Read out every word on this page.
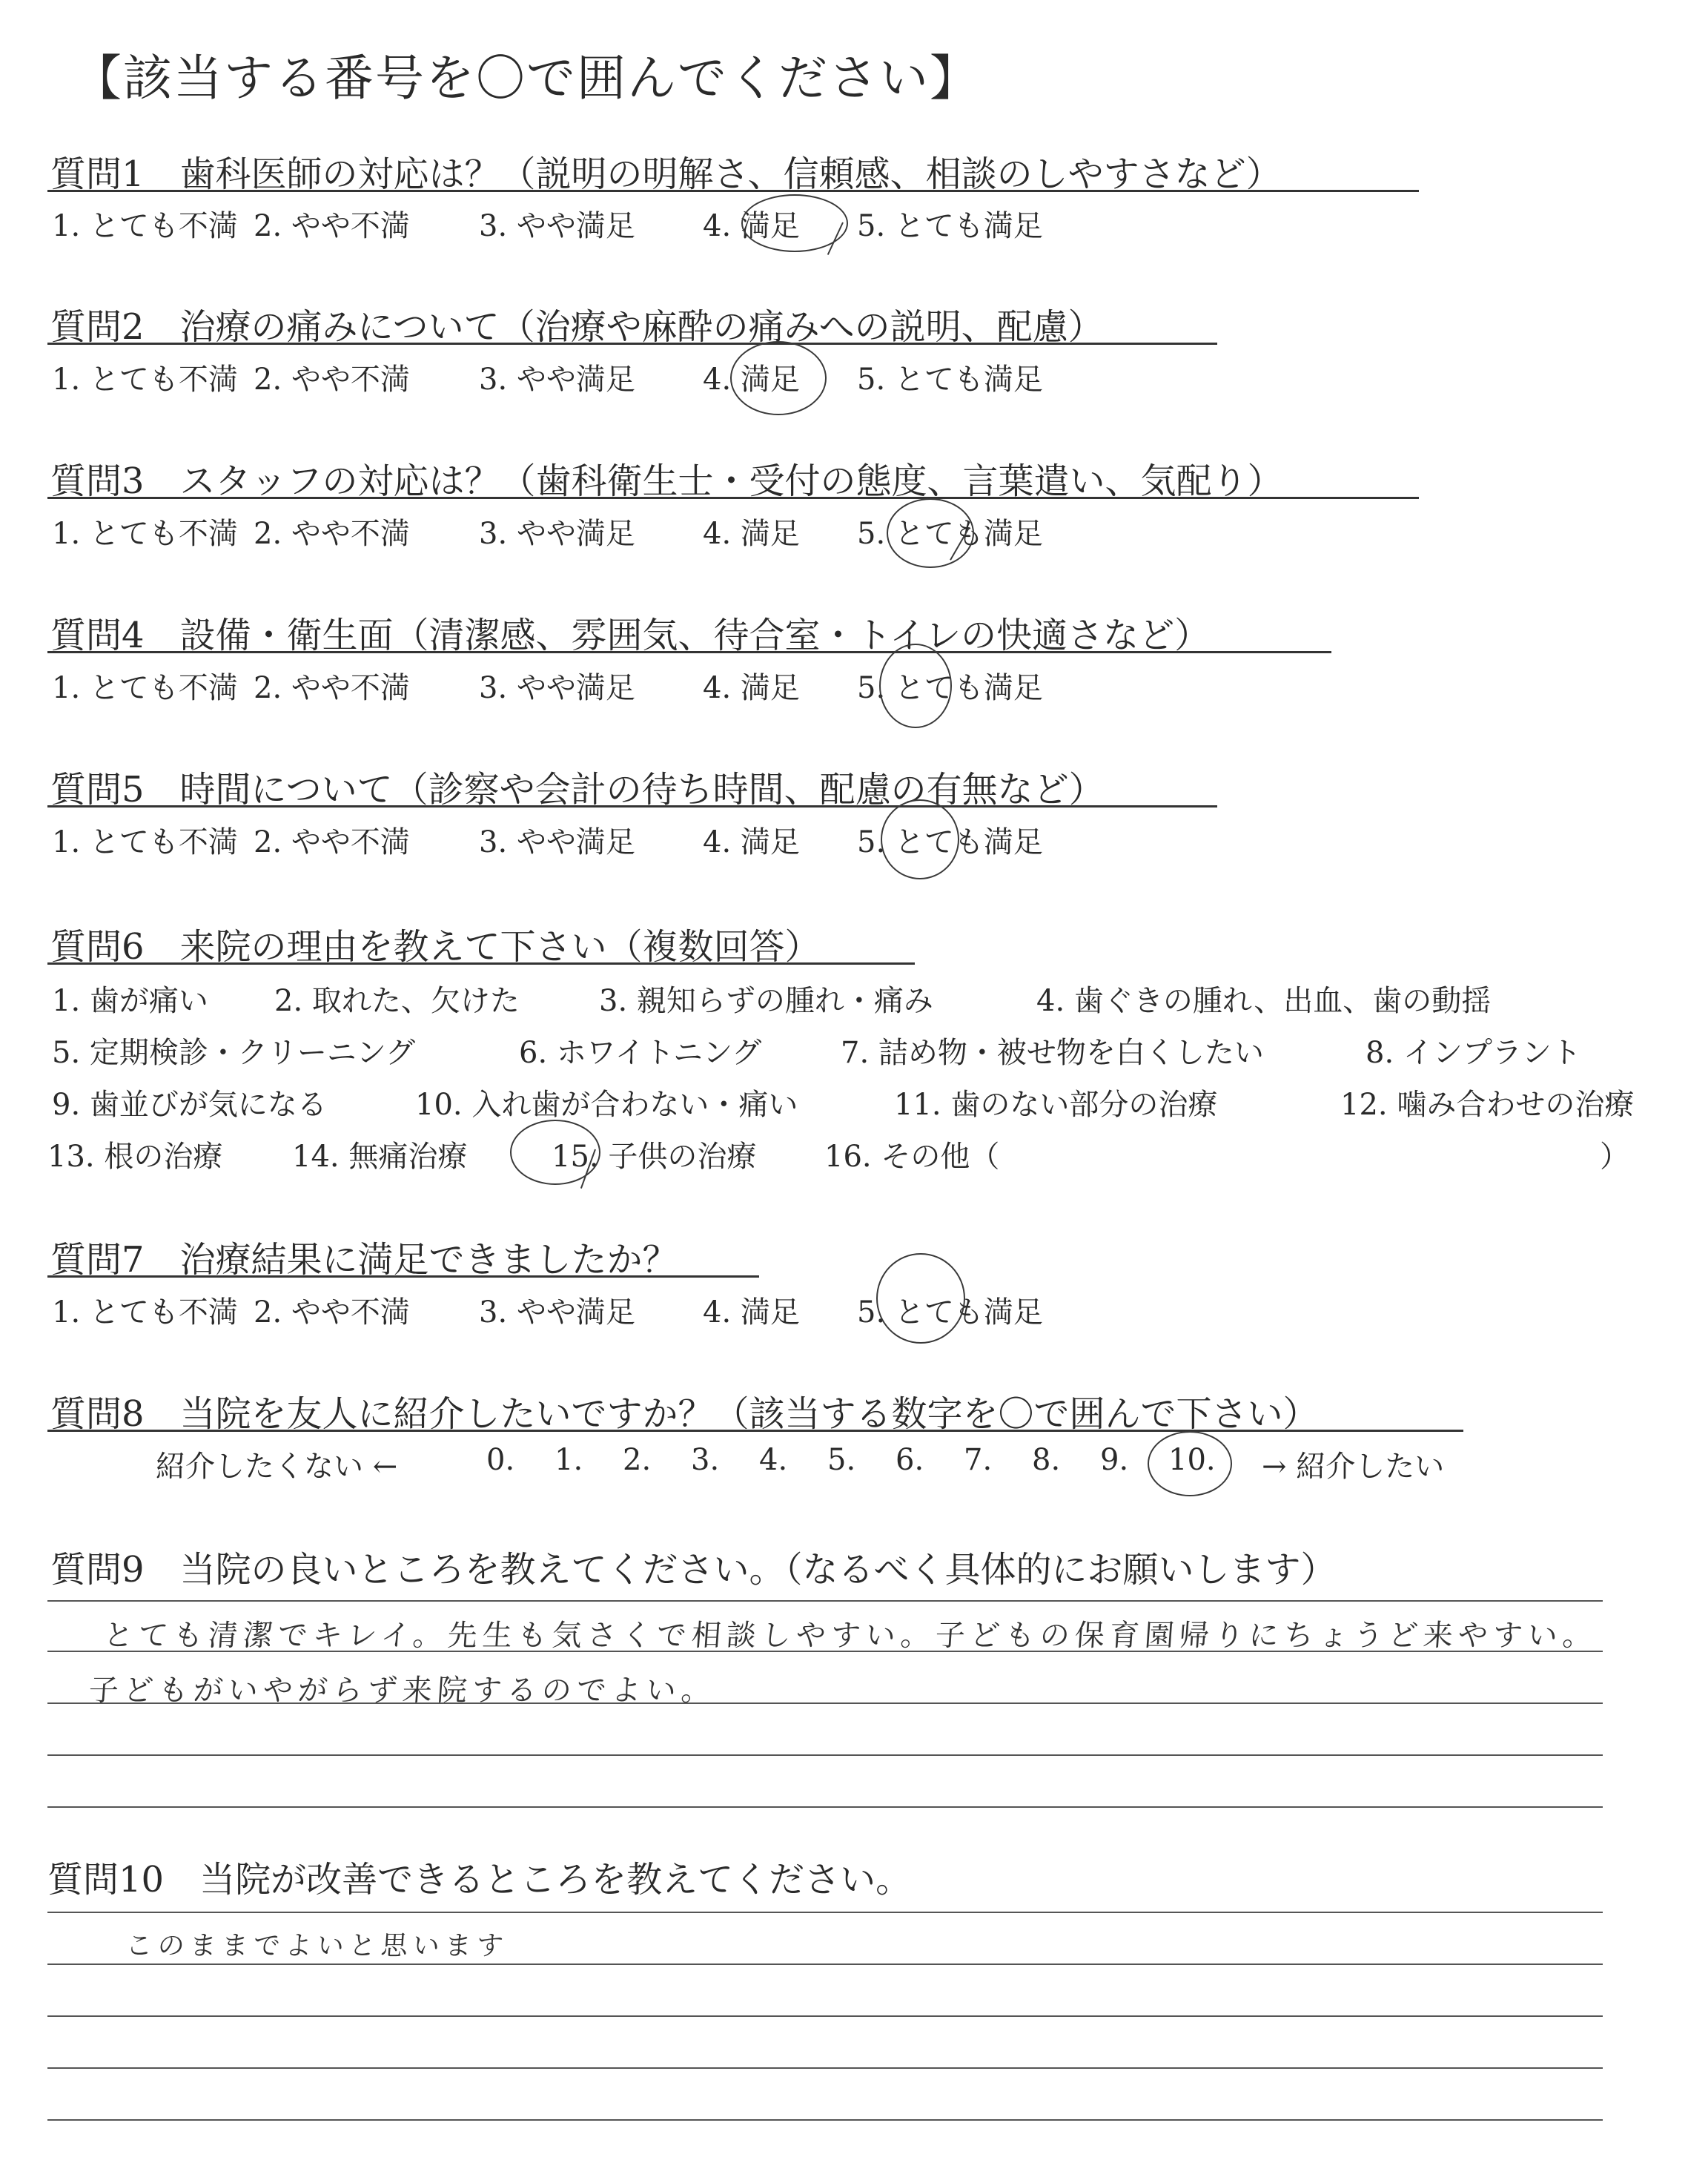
【該当する番号を〇で囲んでください】
質問1　歯科医師の対応は？（説明の明解さ、信頼感、相談のしやすさなど）
1. とても不満 2. やや不満	3. やや満足	4. 満足	5. とても満足
質問2　治療の痛みについて（治療や麻酔の痛みへの説明、配慮）
1. とても不満 2. やや不満	3. やや満足	4. 満足	5. とても満足
質問3　スタッフの対応は？（歯科衛生士・受付の態度、言葉遣い、気配り）
1. とても不満 2. やや不満	3. やや満足	4. 満足	5. とても満足
質問4　設備・衛生面（清潔感、雰囲気、待合室・トイレの快適さなど）
1. とても不満 2. やや不満	3. やや満足	4. 満足	5. とても満足
質問5　時間について（診察や会計の待ち時間、配慮の有無など）
1. とても不満 2. やや不満	3. やや満足	4. 満足	5. とても満足
質問6　来院の理由を教えて下さい（複数回答）
1. 歯が痛い	2. 取れた、欠けた	3. 親知らずの腫れ・痛み	4. 歯ぐきの腫れ、出血、歯の動揺
5. 定期検診・クリーニング	6. ホワイトニング	7. 詰め物・被せ物を白くしたい	8. インプラント
9. 歯並びが気になる	10. 入れ歯が合わない・痛い	11. 歯のない部分の治療	12. 噛み合わせの治療
13. 根の治療	14. 無痛治療	15. 子供の治療	16. その他（	）
質問7　治療結果に満足できましたか？
1. とても不満 2. やや不満	3. やや満足	4. 満足	5. とても満足
質問8　当院を友人に紹介したいですか？（該当する数字を〇で囲んで下さい）
紹介したくない ←	0.	1.	2.	3.	4.	5.	6.	7.	8.	9.	10.	→ 紹介したい
質問9　当院の良いところを教えてください。（なるべく具体的にお願いします）
とても清潔でキレイ。先生も気さくで相談しやすい。子どもの保育園帰りにちょうど来やすい。
子どもがいやがらず来院するのでよい。
質問10　当院が改善できるところを教えてください。
このままでよいと思います
